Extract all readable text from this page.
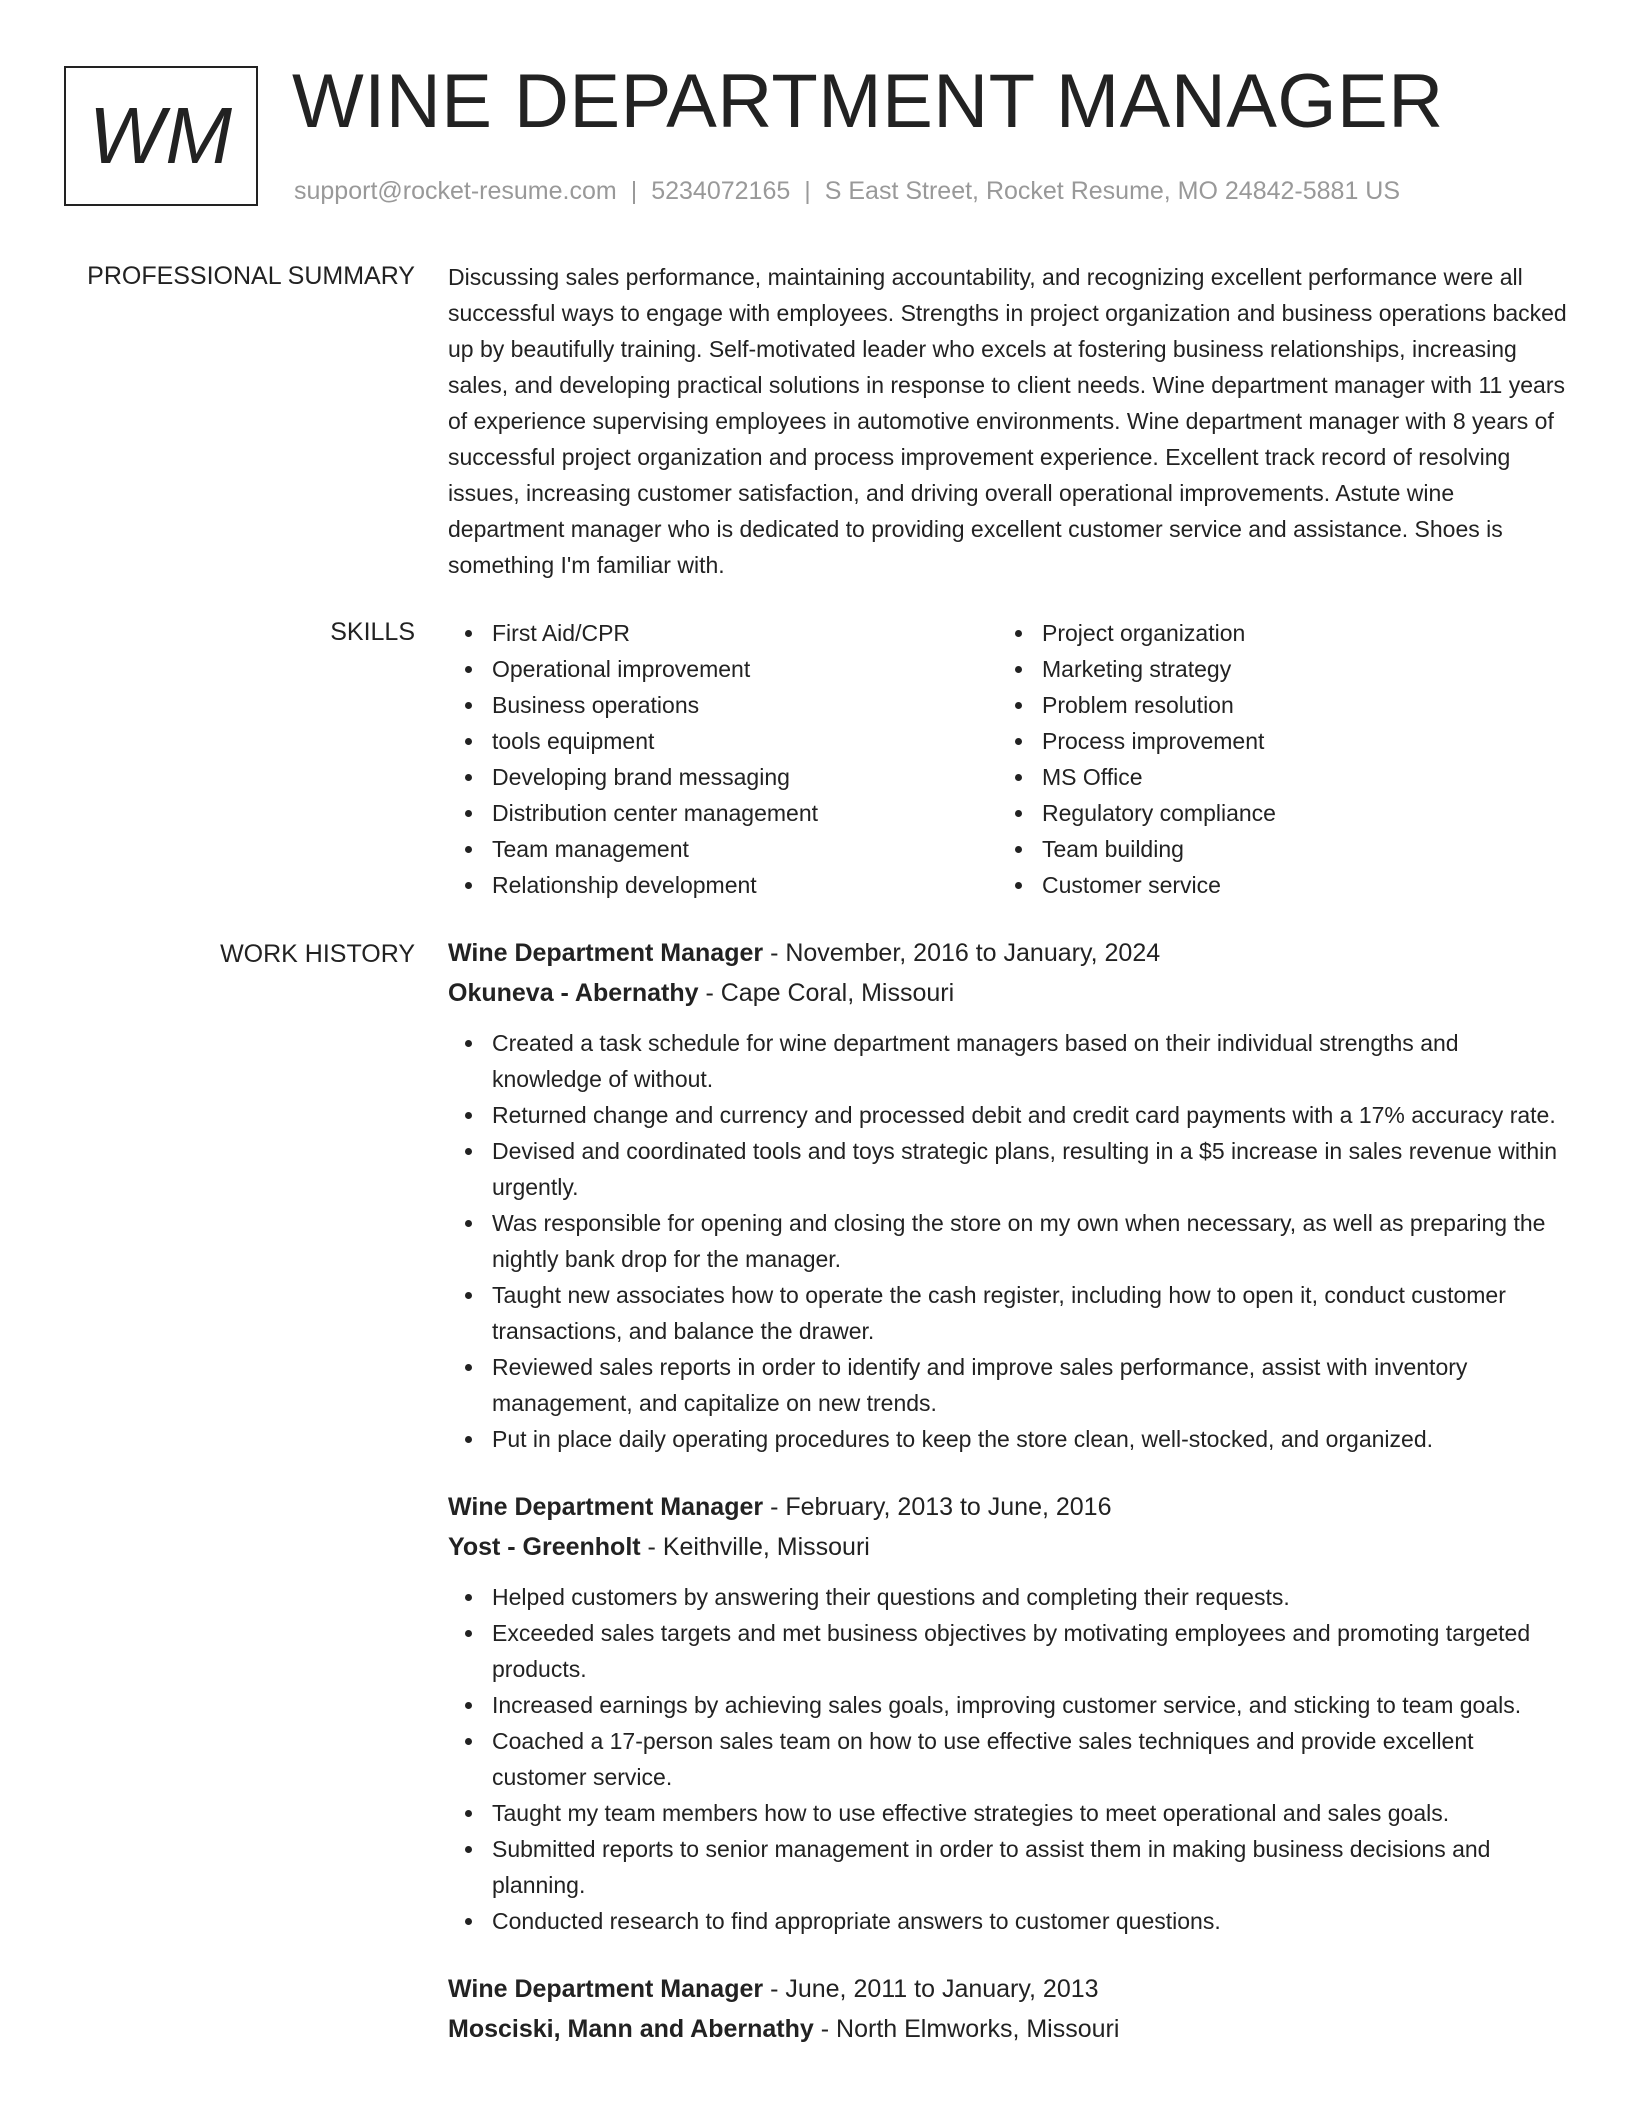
WM WINE DEPARTMENT MANAGER
support@rocket-resume.com | 5234072165 | S East Street, Rocket Resume, MO 24842-5881 US
PROFESSIONAL SUMMARY Discussing sales performance, maintaining accountability, and recognizing excellent performance were all successful ways to engage with employees. Strengths in project organization and business operations backed up by beautifully training. Self-motivated leader who excels at fostering business relationships, increasing sales, and developing practical solutions in response to client needs. Wine department manager with 11 years of experience supervising employees in automotive environments. Wine department manager with 8 years of successful project organization and process improvement experience. Excellent track record of resolving issues, increasing customer satisfaction, and driving overall operational improvements. Astute wine department manager who is dedicated to providing excellent customer service and assistance. Shoes is something I'm familiar with.
SKILLS	First Aid/CPR
Operational improvement
Business operations
tools equipment
Developing brand messaging
Distribution center management
Team management
Relationship development
Project organization
Marketing strategy
Problem resolution
Process improvement
MS Office
Regulatory compliance
Team building
Customer service
WORK HISTORY Wine Department Manager - November, 2016 to January, 2024
Okuneva - Abernathy - Cape Coral, Missouri
Created a task schedule for wine department managers based on their individual strengths and knowledge of without.
Returned change and currency and processed debit and credit card payments with a 17% accuracy rate.
Devised and coordinated tools and toys strategic plans, resulting in a $5 increase in sales revenue within urgently.
Was responsible for opening and closing the store on my own when necessary, as well as preparing the nightly bank drop for the manager.
Taught new associates how to operate the cash register, including how to open it, conduct customer transactions, and balance the drawer.
Reviewed sales reports in order to identify and improve sales performance, assist with inventory management, and capitalize on new trends.
Put in place daily operating procedures to keep the store clean, well-stocked, and organized.
Wine Department Manager - February, 2013 to June, 2016
Yost - Greenholt - Keithville, Missouri
Helped customers by answering their questions and completing their requests.
Exceeded sales targets and met business objectives by motivating employees and promoting targeted products.
Increased earnings by achieving sales goals, improving customer service, and sticking to team goals.
Coached a 17-person sales team on how to use effective sales techniques and provide excellent customer service.
Taught my team members how to use effective strategies to meet operational and sales goals.
Submitted reports to senior management in order to assist them in making business decisions and planning.
Conducted research to find appropriate answers to customer questions.
Wine Department Manager - June, 2011 to January, 2013
Mosciski, Mann and Abernathy - North Elmworks, Missouri
